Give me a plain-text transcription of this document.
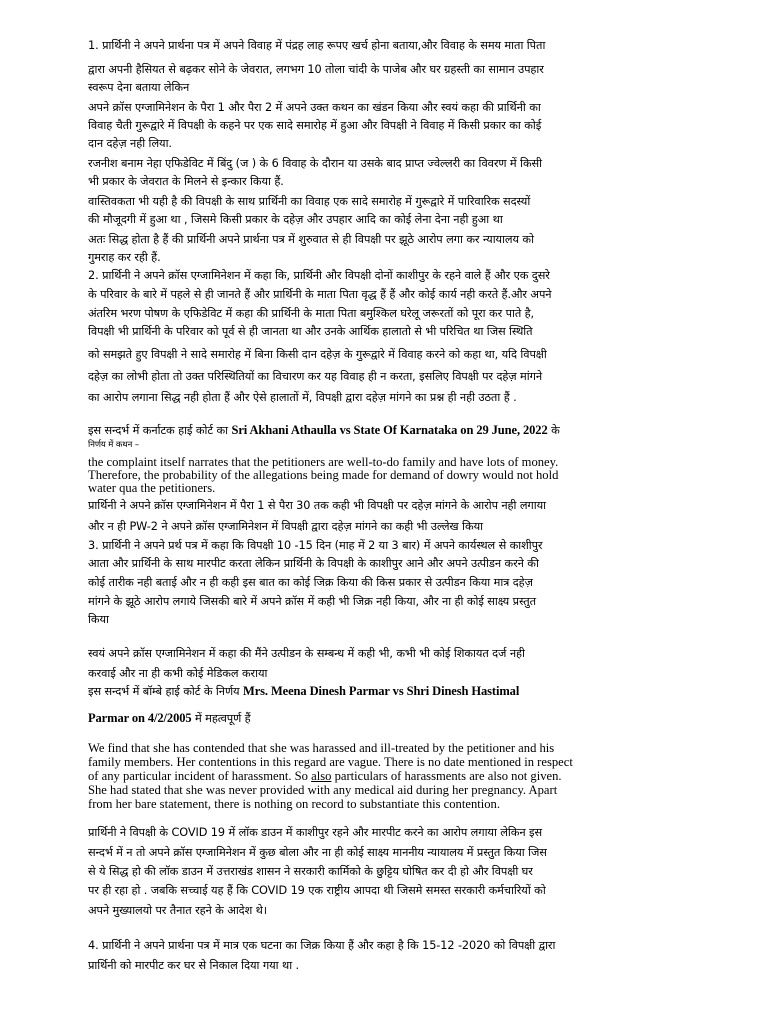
1. प्रार्थिनी ने अपने प्रार्थना पत्र में अपने विवाह में पंद्रह लाह रूपए खर्च होना बताया,और विवाह के समय माता पिता
द्वारा अपनी हैसियत से बढ़कर सोने के जेवरात, लगभग 10 तोला चांदी के पाजेब और घर ग्रहस्ती का सामान उपहार
स्वरूप देना बताया लेकिन
अपने क्रॉस एग्जामिनेशन के पैरा 1 और पैरा 2 में अपने उक्त कथन का खंडन किया और स्वयं कहा की प्रार्थिनी का
विवाह चैती गुरूद्वारे में विपक्षी के कहने पर एक सादे समारोह में हुआ और विपक्षी ने विवाह में किसी प्रकार का कोई
दान दहेज़ नही लिया.
रजनीश बनाम नेहा एफिडेविट में बिंदु (ज ) के 6 विवाह के दौरान या उसके बाद प्राप्त ज्वेल्लरी का विवरण में किसी
भी प्रकार के जेवरात के मिलने से इन्कार किया हैं.
वास्तिवकता भी यही है की विपक्षी के साथ प्रार्थिनी का विवाह एक सादे समारोह में गुरूद्वारे में पारिवारिक सदस्यों
की मौजूदगी में हुआ था , जिसमे किसी प्रकार के दहेज़ और उपहार आदि का कोई लेना देना नही हुआ था
अतः सिद्ध होता है हैं की प्रार्थिनी अपने प्रार्थना पत्र में शुरुवात से ही विपक्षी पर झूठे आरोप लगा कर न्यायालय को
गुमराह कर रही हैं.
2. प्रार्थिनी ने अपने क्रॉस एग्जामिनेशन में कहा कि, प्रार्थिनी और विपक्षी दोनों काशीपुर के रहने वाले हैं और एक दुसरे
के परिवार के बारे में पहले से ही जानते हैं और प्रार्थिनी के माता पिता वृद्ध हैं हैं और कोई कार्य नही करते हैं.और अपने
अंतरिम भरण पोषण के एफिडेविट में कहा की प्रार्थिनी के माता पिता बमुश्किल घरेलू जरूरतों को पूरा कर पाते है,
विपक्षी भी प्रार्थिनी के परिवार को पूर्व से ही जानता था और उनके आर्थिक हालातो से भी परिचित था जिस स्थिति
को समझते हुए विपक्षी ने सादे समारोह में बिना किसी दान दहेज़ के गुरूद्वारे में विवाह करने को कहा था, यदि विपक्षी
दहेज़ का लोभी होता तो उक्त परिस्थितियों का विचारण कर यह विवाह ही न करता, इसलिए विपक्षी पर दहेज़ मांगने
का आरोप लगाना सिद्ध नही होता हैं और ऐसे हालातों में, विपक्षी द्वारा दहेज़ मांगने का प्रश्न ही नही उठता हैं .
इस सन्दर्भ में कर्नाटक हाई कोर्ट का Sri Akhani Athaulla vs State Of Karnataka on 29 June, 2022 के
निर्णय में कथन –
the complaint itself narrates that the petitioners are well-to-do family and have lots of money.
Therefore, the probability of the allegations being made for demand of dowry would not hold
water qua the petitioners.
प्रार्थिनी ने अपने क्रॉस एग्जामिनेशन में पैरा 1 से पैरा 30 तक कही भी विपक्षी पर दहेज़ मांगने के आरोप नही लगाया
और न ही PW-2 ने अपने क्रॉस एग्जामिनेशन में विपक्षी द्वारा दहेज़ मांगने का कही भी उल्लेख किया
3. प्रार्थिनी ने अपने प्रर्थ पत्र में कहा कि विपक्षी 10 -15 दिन (माह में 2 या 3 बार) में अपने कार्यस्थल से काशीपुर
आता और प्रार्थिनी के साथ मारपीट करता लेकिन प्रार्थिनी के विपक्षी के काशीपुर आने और अपने उत्पीडन करने की
कोई तारीक नही बताई और न ही कही इस बात का कोई जिक्र किया की किस प्रकार से उत्पीडन किया मात्र दहेज़
मांगने के झूठे आरोप लगाये जिसकी बारे में अपने क्रॉस में कही भी जिक्र नही किया, और ना ही कोई साक्ष्य प्रस्तुत
किया
स्वयं अपने क्रॉस एग्जामिनेशन में कहा की मैंने उत्पीडन के सम्बन्ध में कही भी, कभी भी कोई शिकायत दर्ज नही
करवाई और ना ही कभी कोई मेडिकल कराया
इस सन्दर्भ में बॉम्बे हाई कोर्ट के निर्णय Mrs. Meena Dinesh Parmar vs Shri Dinesh Hastimal
Parmar on 4/2/2005 में महत्वपूर्ण हैं
We find that she has contended that she was harassed and ill-treated by the petitioner and his
family members. Her contentions in this regard are vague. There is no date mentioned in respect
of any particular incident of harassment. So also particulars of harassments are also not given.
She had stated that she was never provided with any medical aid during her pregnancy. Apart
from her bare statement, there is nothing on record to substantiate this contention.
प्रार्थिनी ने विपक्षी के COVID 19 में लॉक डाउन में काशीपुर रहने और मारपीट करने का आरोप लगाया लेकिन इस
सन्दर्भ में न तो अपने क्रॉस एग्जामिनेशन में कुछ बोला और ना ही कोई साक्ष्य माननीय न्यायालय में प्रस्तुत किया जिस
से ये सिद्ध हो की लॉक डाउन में उत्तराखंड शासन ने सरकारी कार्मिको के छुट्टिय घोषित कर दी हो और विपक्षी घर
पर ही रहा हो . जबकि सच्चाई यह हैं कि COVID 19 एक राष्ट्रीय आपदा थी जिसमे समस्त सरकारी कर्मचारियों को
अपने मुख्यालयो पर तैनात रहने के आदेश थे।
4. प्रार्थिनी ने अपने प्रार्थना पत्र में मात्र एक घटना का जिक्र किया हैं और कहा है कि 15-12 -2020 को विपक्षी द्वारा
प्रार्थिनी को मारपीट कर घर से निकाल दिया गया था .
